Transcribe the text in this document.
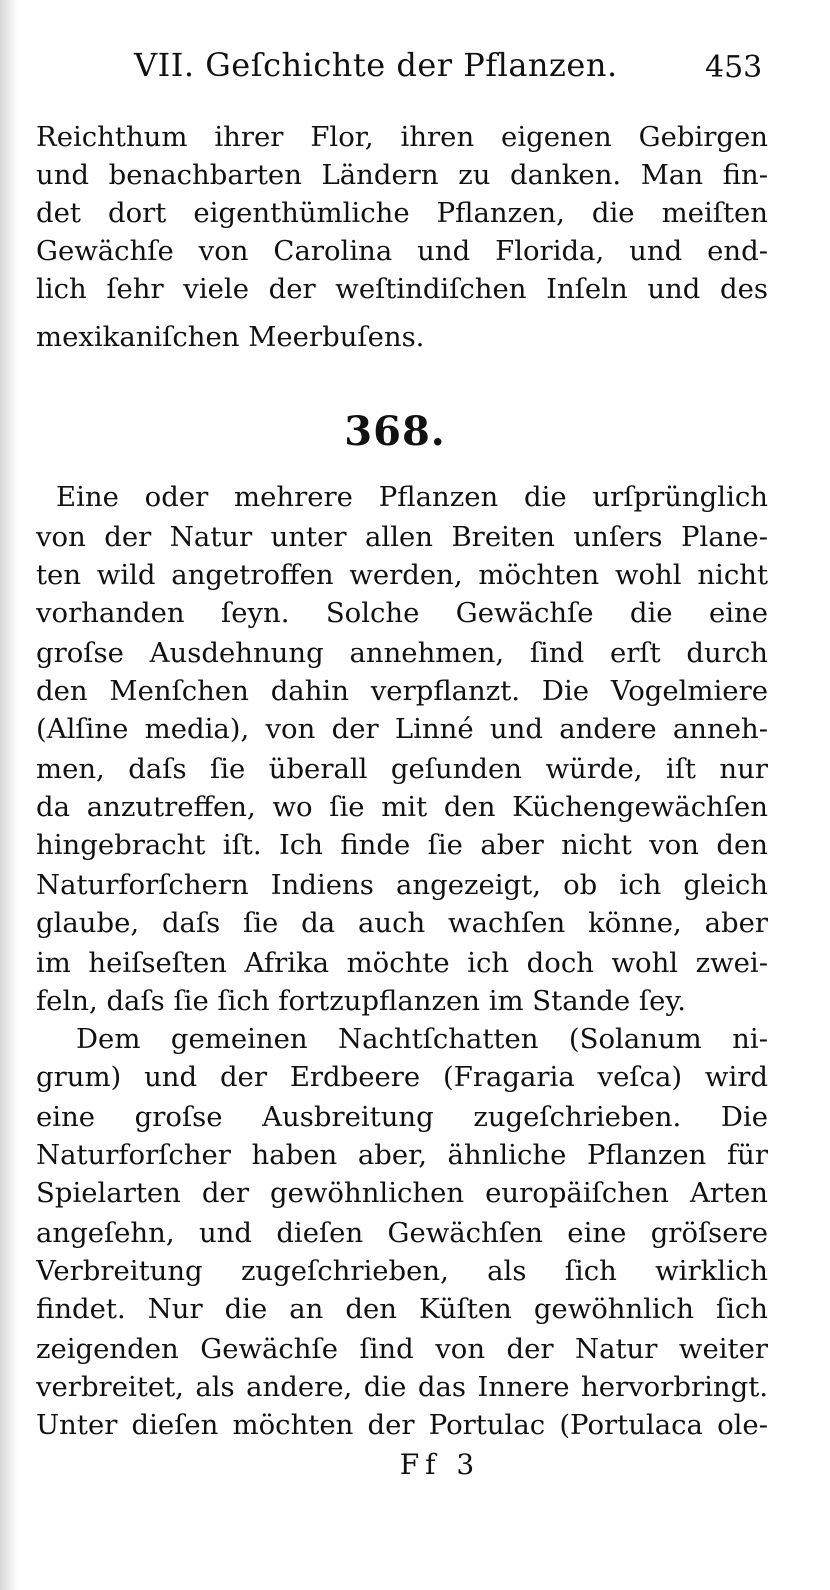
VII. Geſchichte der Pflanzen.	453
Reichthum ihrer Flor, ihren eigenen Gebirgen
und benachbarten Ländern zu danken. Man fin-
det dort eigenthümliche Pflanzen, die meiſten
Gewächſe von Carolina und Florida, und end-
lich ſehr viele der weſtindiſchen Inſeln und des
mexikaniſchen Meerbuſens.
368.
Eine oder mehrere Pflanzen die urſprünglich
von der Natur unter allen Breiten unſers Plane-
ten wild angetroffen werden, möchten wohl nicht
vorhanden ſeyn. Solche Gewächſe die eine
groſse Ausdehnung annehmen, ſind erſt durch
den Menſchen dahin verpflanzt. Die Vogelmiere
(Alſine media), von der Linné und andere anneh-
men, daſs ſie überall geſunden würde, iſt nur
da anzutreffen, wo ſie mit den Küchengewächſen
hingebracht iſt. Ich finde ſie aber nicht von den
Naturforſchern Indiens angezeigt, ob ich gleich
glaube, daſs ſie da auch wachſen könne, aber
im heiſseſten Afrika möchte ich doch wohl zwei-
feln, daſs ſie ſich fortzupflanzen im Stande ſey.
Dem gemeinen Nachtſchatten (Solanum ni-
grum) und der Erdbeere (Fragaria veſca) wird
eine groſse Ausbreitung zugeſchrieben. Die
Naturforſcher haben aber, ähnliche Pflanzen für
Spielarten der gewöhnlichen europäiſchen Arten
angeſehn, und dieſen Gewächſen eine gröſsere
Verbreitung zugeſchrieben, als ſich wirklich
findet. Nur die an den Küſten gewöhnlich ſich
zeigenden Gewächſe ſind von der Natur weiter
verbreitet, als andere, die das Innere hervorbringt.
Unter dieſen möchten der Portulac (Portulaca ole-
Ff 3
